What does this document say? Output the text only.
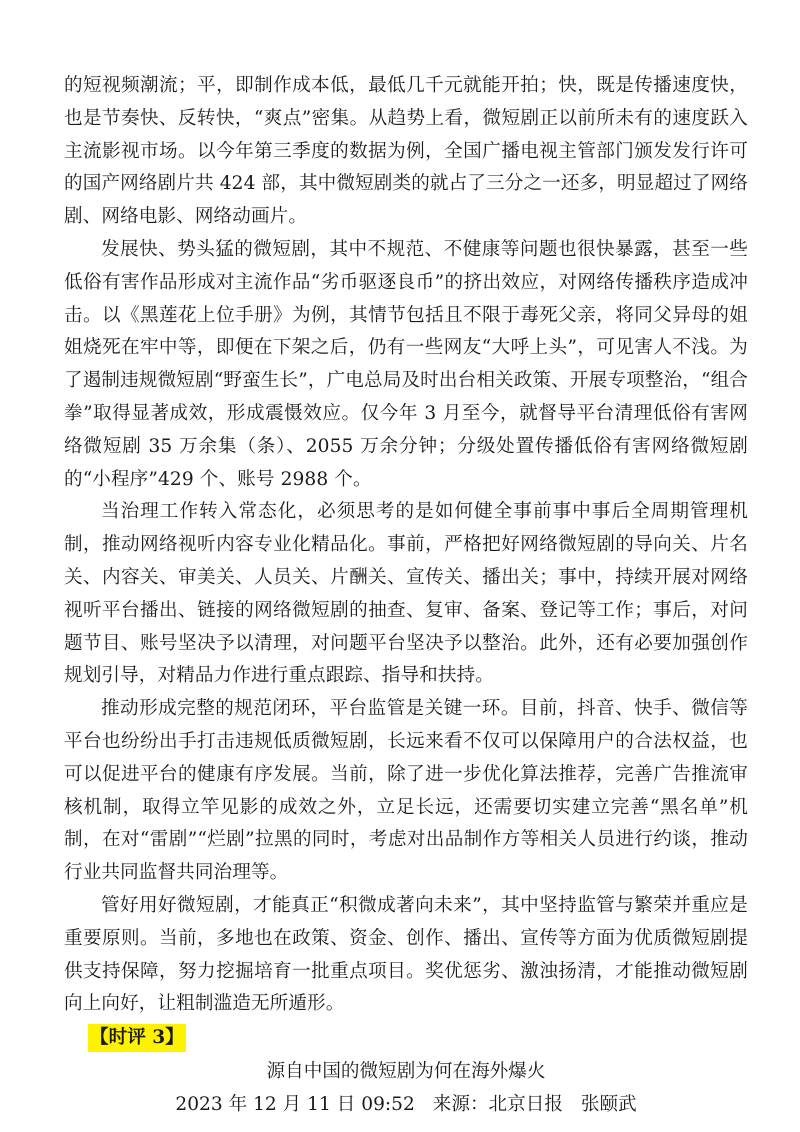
的短视频潮流；平，即制作成本低，最低几千元就能开拍；快，既是传播速度快，也是节奏快、反转快，“爽点”密集。从趋势上看，微短剧正以前所未有的速度跃入主流影视市场。以今年第三季度的数据为例，全国广播电视主管部门颁发发行许可的国产网络剧片共 424 部，其中微短剧类的就占了三分之一还多，明显超过了网络剧、网络电影、网络动画片。

发展快、势头猛的微短剧，其中不规范、不健康等问题也很快暴露，甚至一些低俗有害作品形成对主流作品“劣币驱逐良币”的挤出效应，对网络传播秩序造成冲击。以《黑莲花上位手册》为例，其情节包括且不限于毒死父亲，将同父异母的姐姐烧死在牢中等，即便在下架之后，仍有一些网友“大呼上头”，可见害人不浅。为了遏制违规微短剧“野蛮生长”，广电总局及时出台相关政策、开展专项整治，“组合拳”取得显著成效，形成震慑效应。仅今年 3 月至今，就督导平台清理低俗有害网络微短剧 35 万余集（条）、2055 万余分钟；分级处置传播低俗有害网络微短剧的“小程序”429 个、账号 2988 个。

当治理工作转入常态化，必须思考的是如何健全事前事中事后全周期管理机制，推动网络视听内容专业化精品化。事前，严格把好网络微短剧的导向关、片名关、内容关、审美关、人员关、片酬关、宣传关、播出关；事中，持续开展对网络视听平台播出、链接的网络微短剧的抽查、复审、备案、登记等工作；事后，对问题节目、账号坚决予以清理，对问题平台坚决予以整治。此外，还有必要加强创作规划引导，对精品力作进行重点跟踪、指导和扶持。

推动形成完整的规范闭环，平台监管是关键一环。目前，抖音、快手、微信等平台也纷纷出手打击违规低质微短剧，长远来看不仅可以保障用户的合法权益，也可以促进平台的健康有序发展。当前，除了进一步优化算法推荐，完善广告推流审核机制，取得立竿见影的成效之外，立足长远，还需要切实建立完善“黑名单”机制，在对“雷剧”“烂剧”拉黑的同时，考虑对出品制作方等相关人员进行约谈，推动行业共同监督共同治理等。

管好用好微短剧，才能真正“积微成著向未来”，其中坚持监管与繁荣并重应是重要原则。当前，多地也在政策、资金、创作、播出、宣传等方面为优质微短剧提供支持保障，努力挖掘培育一批重点项目。奖优惩劣、激浊扬清，才能推动微短剧向上向好，让粗制滥造无所遁形。

【时评 3】

源自中国的微短剧为何在海外爆火

2023 年 12 月 11 日 09:52 来源：北京日报 张颐武
